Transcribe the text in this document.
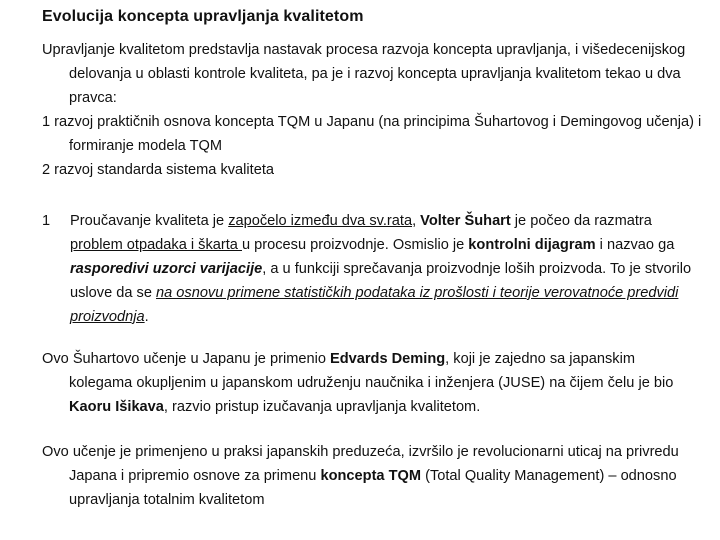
Evolucija koncepta upravljanja kvalitetom
Upravljanje kvalitetom predstavlja nastavak procesa razvoja koncepta upravljanja, i višedecenijskog delovanja u oblasti kontrole kvaliteta, pa je i razvoj koncepta upravljanja kvalitetom tekao u dva pravca:
1 razvoj praktičnih osnova koncepta TQM u Japanu (na principima Šuhartovog i Demingovog učenja) i formiranje modela TQM
2 razvoj standarda sistema kvaliteta
1 Proučavanje kvaliteta je započelo između dva sv.rata, Volter Šuhart je počeo da razmatra problem otpadaka i škarta u procesu proizvodnje. Osmislio je kontrolni dijagram i nazvao ga rasporedivi uzorci varijacije, a u funkciji sprečavanja proizvodnje loših proizvoda. To je stvorilo uslove da se na osnovu primene statističkih podataka iz prošlosti i teorije verovatnoće predvidi proizvodnja.
Ovo Šuhartovo učenje u Japanu je primenio Edvards Deming, koji je zajedno sa japanskim kolegama okupljenim u japanskom udruženju naučnika i inženjera (JUSE) na čijem čelu je bio Kaoru Išikava, razvio pristup izučavanja upravljanja kvalitetom.
Ovo učenje je primenjeno u praksi japanskih preduzeća, izvršilo je revolucionarni uticaj na privredu Japana i pripremio osnove za primenu koncepta TQM (Total Quality Management) – odnosno upravljanja totalnim kvalitetom
